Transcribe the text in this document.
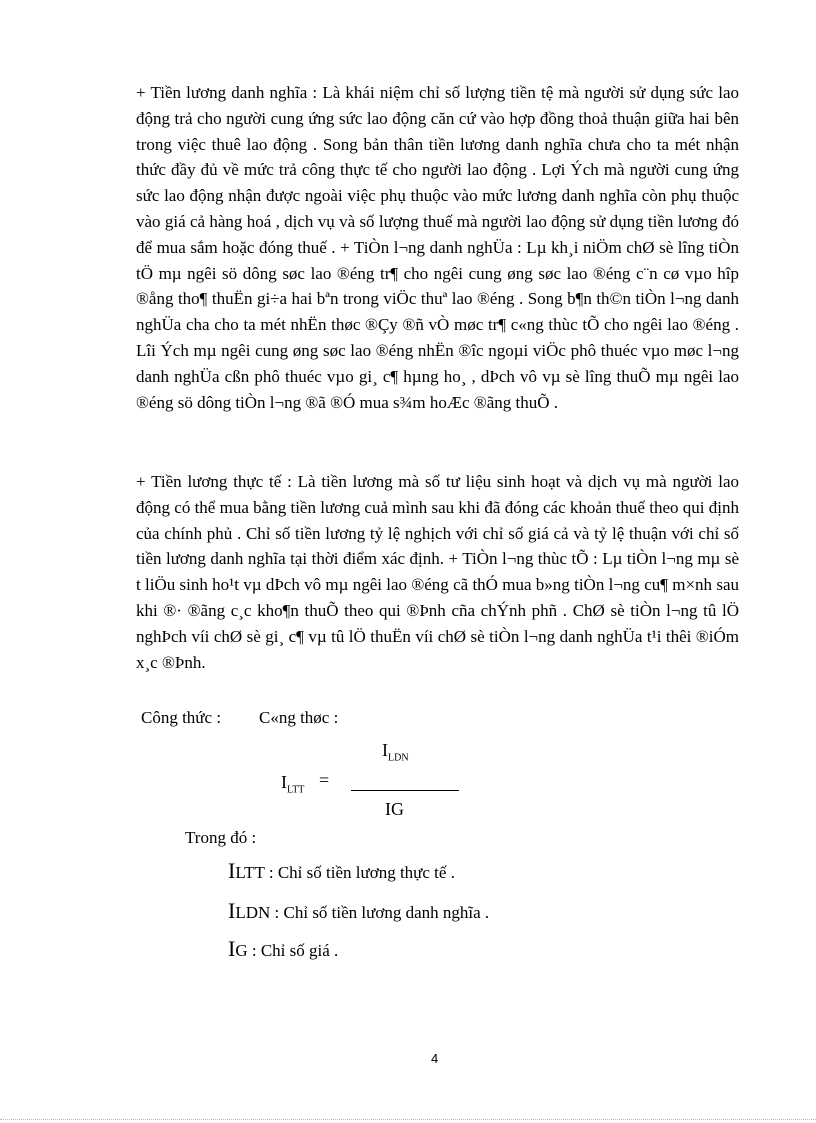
+ Tiền lương danh nghĩa : Là khái niệm chỉ số lượng tiền tệ mà người sử dụng sức lao động trả cho người cung ứng sức lao động căn cứ vào hợp đồng thoả thuận giữa hai bên trong việc thuê lao động . Song bản thân tiền lương danh nghĩa chưa cho ta mét nhận thức đầy đủ về mức trả công thực tế cho người lao động . Lợi Ých mà người cung ứng sức lao động nhận được ngoài việc phụ thuộc vào mức lương danh nghĩa còn phụ thuộc vào giá cả hàng hoá , dịch vụ và số lượng thuế mà người lao động sử dụng tiền lương đó để mua sắm hoặc đóng thuế . + TiÒn l¬ng danh nghÜa : Lµ kh¸i niÖm chØ sè lîng tiÒn tÖ mµ ngêi sö dông søc lao ®éng tr¶ cho ngêi cung øng søc lao ®éng c¨n cø vµo hîp ®ång tho¶ thuËn gi÷a hai bªn trong viÖc thuª lao ®éng . Song b¶n th©n tiÒn l¬ng danh nghÜa cha cho ta mét nhËn thøc ®Çy ®ñ vÒ møc tr¶ c«ng thùc tÕ cho ngêi lao ®éng . Lîi Ých mµ ngêi cung øng søc lao ®éng nhËn ®îc ngoµi viÖc phô thuéc vµo møc l¬ng danh nghÜa cßn phô thuéc vµo gi¸ c¶ hµng ho¸ , dÞch vô vµ sè lîng thuÕ mµ ngêi lao ®éng sö dông tiÒn l¬ng ®ã ®Ó mua s¾m hoÆc ®ãng thuÕ .

+ Tiền lương thực tế : Là tiền lương mà số tư liệu sinh hoạt và dịch vụ mà người lao động có thể mua bằng tiền lương cuả mình sau khi đã đóng các khoản thuế theo qui định của chính phủ . Chỉ số tiền lương tỷ lệ nghịch với chỉ số giá cả và tỷ lệ thuận với chỉ số tiền lương danh nghĩa tại thời điểm xác định. + TiÒn l¬ng thùc tÕ : Lµ tiÒn l¬ng mµ sè t liÖu sinh ho¹t vµ dÞch vô mµ ngêi lao ®éng cã thÓ mua b»ng tiÒn l¬ng cu¶ m×nh sau khi ®· ®ãng c¸c kho¶n thuÕ theo qui ®Þnh cña chÝnh phñ . ChØ sè tiÒn l¬ng tû lÖ nghÞch víi chØ sè gi¸ c¶ vµ tû lÖ thuËn víi chØ sè tiÒn l¬ng danh nghÜa t¹i thêi ®iÓm x¸c ®Þnh.

Công thức : C«ng thøc :
$I_{LDN}$
$I_{LTT}$
=
IG
Trong đó :
ILTT : Chỉ số tiền lương thực tế .
ILDN : Chỉ số tiền lương danh nghĩa .
IG : Chỉ số giá .
4
